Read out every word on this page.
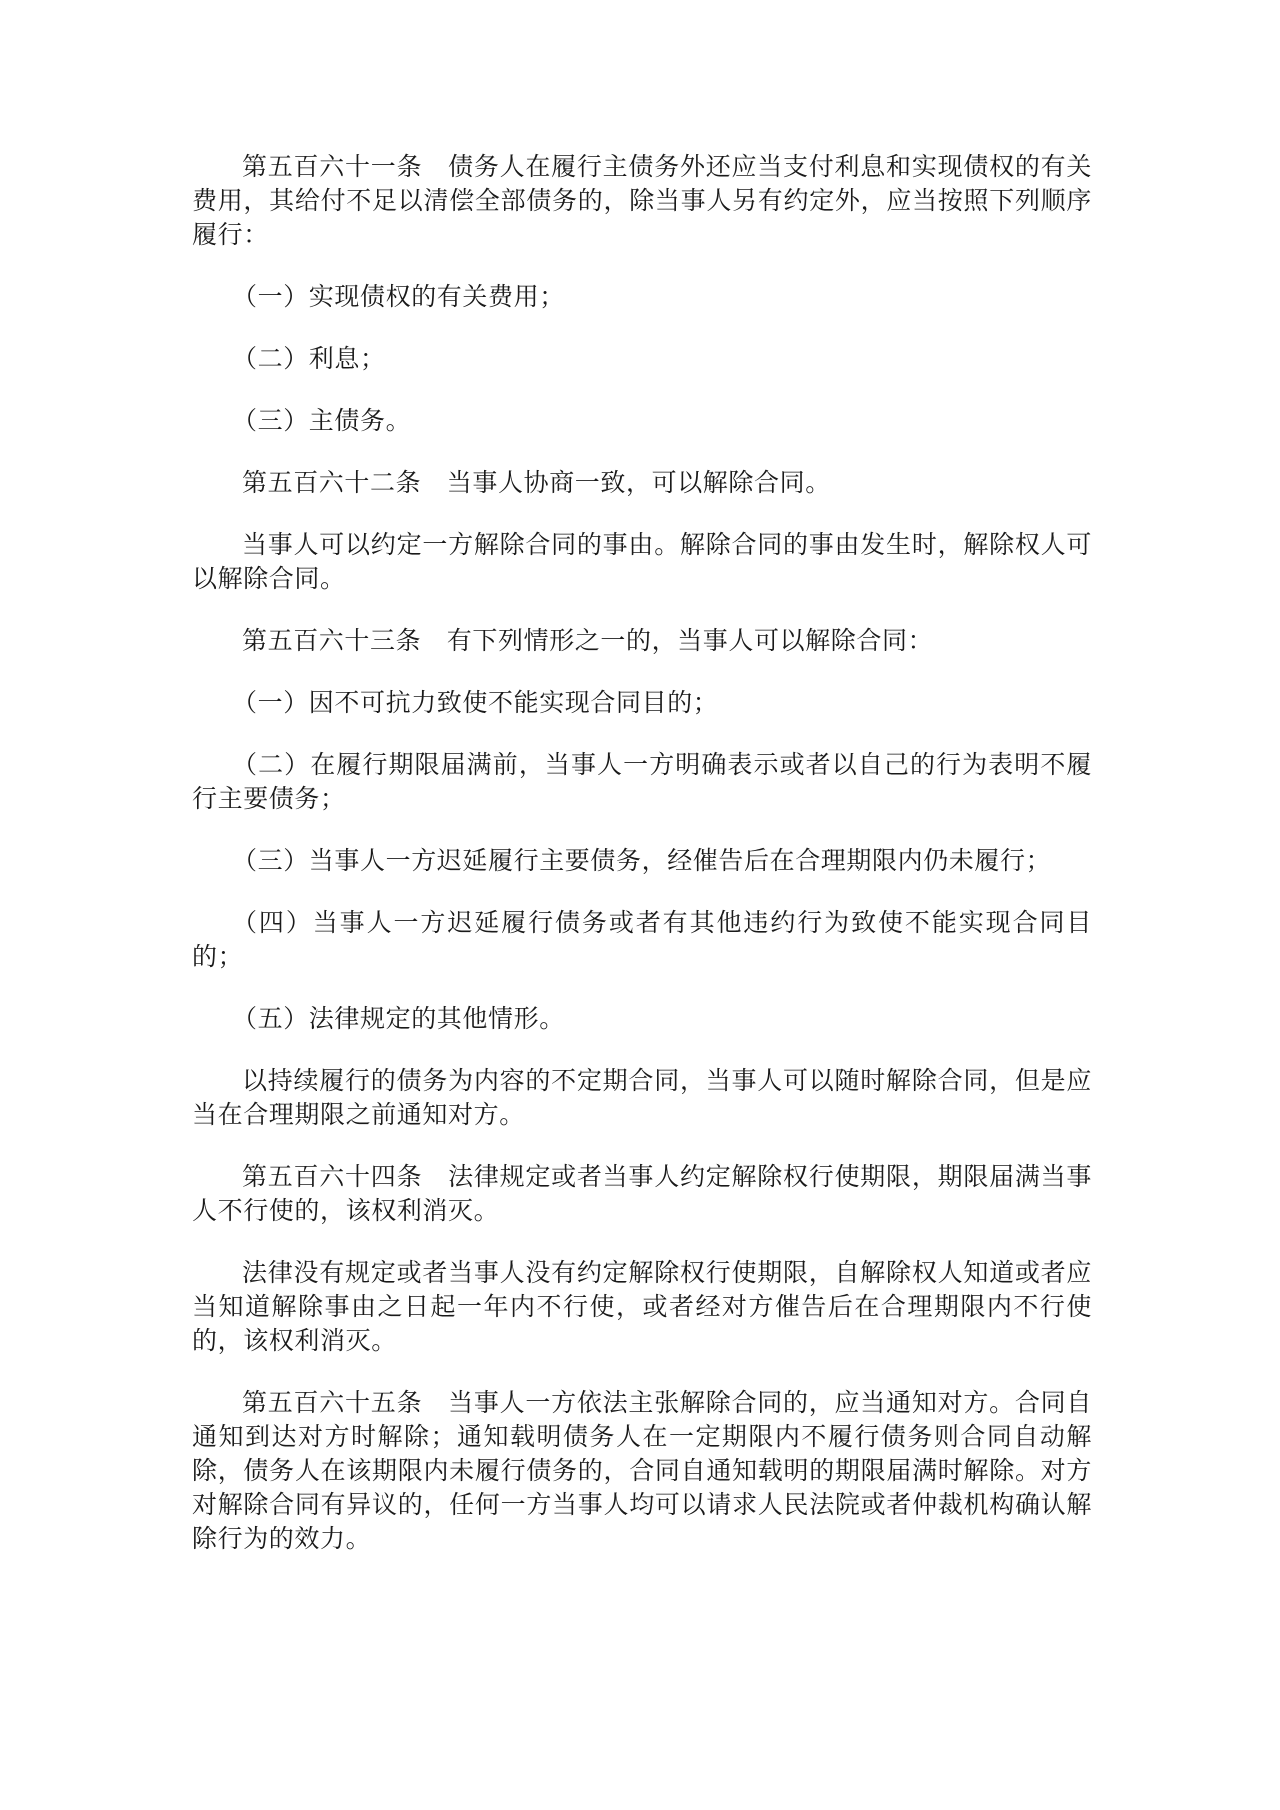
第五百六十一条　债务人在履行主债务外还应当支付利息和实现债权的有关费用，其给付不足以清偿全部债务的，除当事人另有约定外，应当按照下列顺序履行：

（一）实现债权的有关费用；

（二）利息；

（三）主债务。

第五百六十二条　当事人协商一致，可以解除合同。

当事人可以约定一方解除合同的事由。解除合同的事由发生时，解除权人可以解除合同。

第五百六十三条　有下列情形之一的，当事人可以解除合同：

（一）因不可抗力致使不能实现合同目的；

（二）在履行期限届满前，当事人一方明确表示或者以自己的行为表明不履行主要债务；

（三）当事人一方迟延履行主要债务，经催告后在合理期限内仍未履行；

（四）当事人一方迟延履行债务或者有其他违约行为致使不能实现合同目的；

（五）法律规定的其他情形。

以持续履行的债务为内容的不定期合同，当事人可以随时解除合同，但是应当在合理期限之前通知对方。

第五百六十四条　法律规定或者当事人约定解除权行使期限，期限届满当事人不行使的，该权利消灭。

法律没有规定或者当事人没有约定解除权行使期限，自解除权人知道或者应当知道解除事由之日起一年内不行使，或者经对方催告后在合理期限内不行使的，该权利消灭。

第五百六十五条　当事人一方依法主张解除合同的，应当通知对方。合同自通知到达对方时解除；通知载明债务人在一定期限内不履行债务则合同自动解除，债务人在该期限内未履行债务的，合同自通知载明的期限届满时解除。对方对解除合同有异议的，任何一方当事人均可以请求人民法院或者仲裁机构确认解除行为的效力。
